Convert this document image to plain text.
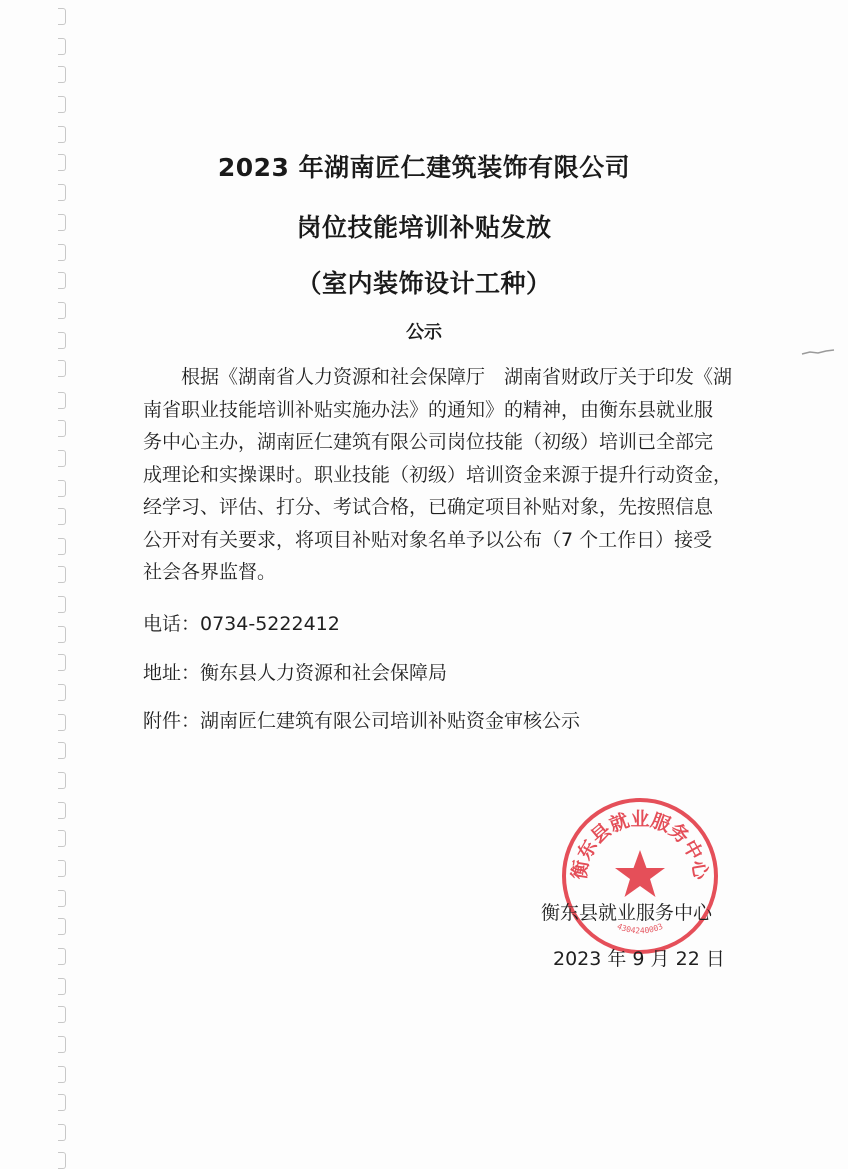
2023 年湖南匠仁建筑装饰有限公司
岗位技能培训补贴发放
（室内装饰设计工种）
公示
　　根据《湖南省人力资源和社会保障厅　湖南省财政厅关于印发《湖
南省职业技能培训补贴实施办法》的通知》的精神，由衡东县就业服
务中心主办，湖南匠仁建筑有限公司岗位技能（初级）培训已全部完
成理论和实操课时。职业技能（初级）培训资金来源于提升行动资金，
经学习、评估、打分、考试合格，已确定项目补贴对象，先按照信息
公开对有关要求，将项目补贴对象名单予以公布（7 个工作日）接受
社会各界监督。
电话：0734-5222412
地址：衡东县人力资源和社会保障局
附件：湖南匠仁建筑有限公司培训补贴资金审核公示
衡东县就业服务中心
4304240003
衡东县就业服务中心
2023 年 9 月 22 日
